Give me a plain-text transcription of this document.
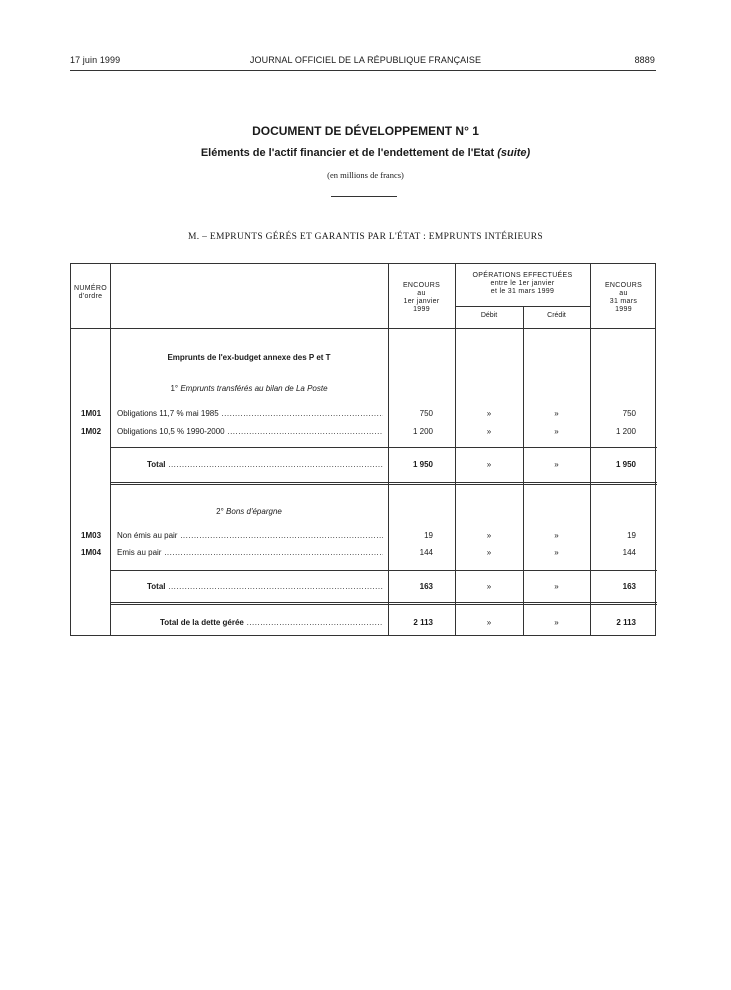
17 juin 1999	JOURNAL OFFICIEL DE LA RÉPUBLIQUE FRANÇAISE	8889
DOCUMENT DE DÉVELOPPEMENT N° 1
Eléments de l'actif financier et de l'endettement de l'Etat (suite)
(en millions de francs)
M. – EMPRUNTS GÉRÉS ET GARANTIS PAR L'ÉTAT : EMPRUNTS INTÉRIEURS
NUMÉRO
d'ordre
ENCOURS
au
1er janvier
1999
OPÉRATIONS EFFECTUÉES
entre le 1er janvier
et le 31 mars 1999
Débit	Crédit
ENCOURS
au
31 mars
1999
Emprunts de l'ex-budget annexe des P et T
1° Emprunts transférés au bilan de La Poste
1M01 Obligations 11,7 % mai 1985 .....	750	»	»	750
1M02 Obligations 10,5 % 1990-2000 .....	1 200	»	»	1 200
Total .....	1 950	»	»	1 950
2° Bons d'épargne
1M03 Non émis au pair .....	19	»	»	19
1M04 Emis au pair .....	144	»	»	144
Total .....	163	»	»	163
Total de la dette gérée .....	2 113	»	»	2 113
